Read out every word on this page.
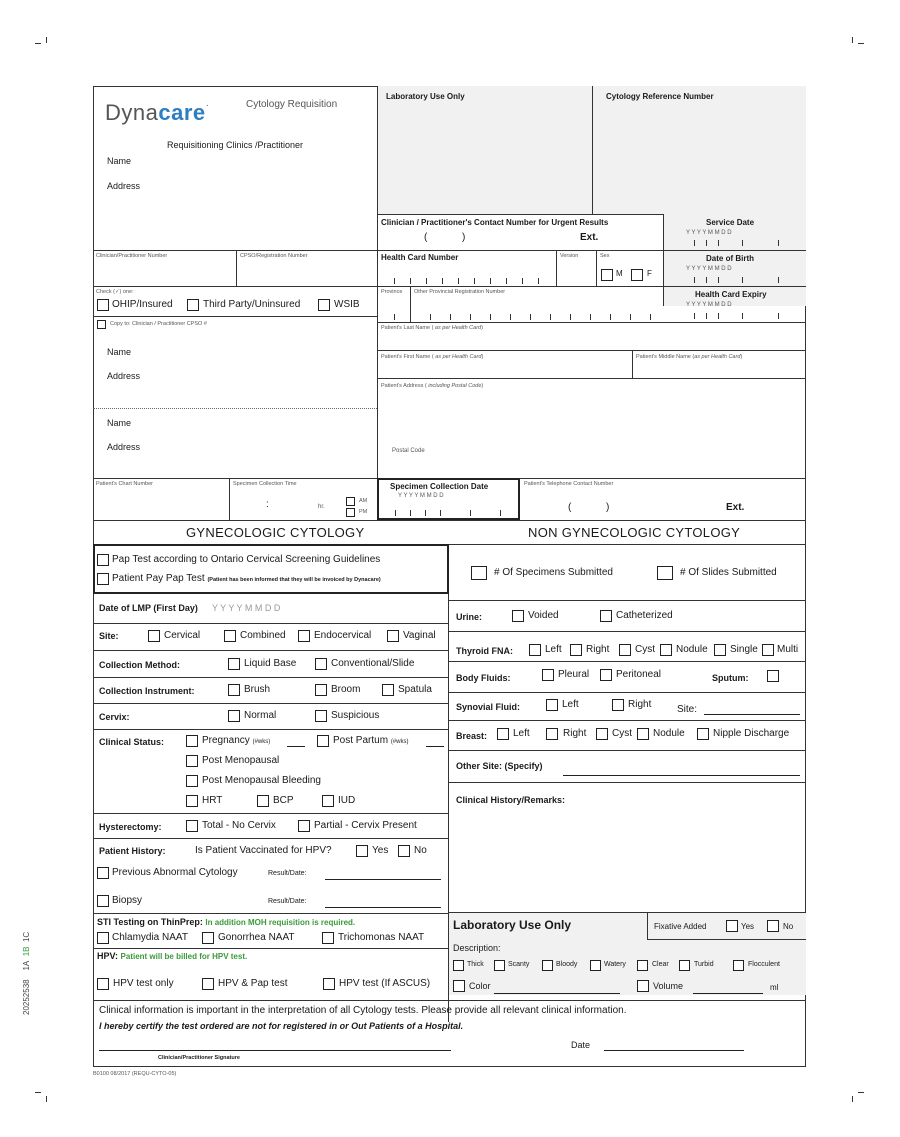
20252538    1A  1B  1C
Dynacare·	Cytology Requisition
Requisitioning Clinics /Practitioner
Name
Address
Laboratory Use Only	Cytology Reference Number
Clinician / Practitioner's Contact Number for Urgent Results
(	)	Ext.
Service Date
Y Y Y Y M M D D
Clinician/Practitioner Number	CPSO/Registration Number	Health Card Number	Version	Sex
M	F
Date of Birth
Y Y Y Y M M D D
Check (✓) one:
OHIP/Insured	Third Party/Uninsured	WSIB
Province Other Provincial Registration Number	Health Card Expiry
Y Y Y Y M M D D
Copy to: Clinician / Practitioner CPSO #
Name
Address
Name
Address
Patient's Last Name ( as per Health Card)
Patient's First Name ( as per Health Card)	Patient's Middle Name (as per Health Card)
Patient's Address ( including Postal Code)
Postal Code
Patient's Chart Number	Specimen Collection Time
:	hr.
AM
PM
Specimen Collection Date
Y Y Y Y M M D D
Patient's Telephone Contact Number
(	)	Ext.
GYNECOLOGIC CYTOLOGY	NON GYNECOLOGIC CYTOLOGY
Pap Test according to Ontario Cervical Screening Guidelines
Patient Pay Pap Test (Patient has been informed that they will be invoiced by Dynacare)
Date of LMP (First Day) Y Y Y Y M M D D
Site:	Cervical	Combined	Endocervical	Vaginal
Collection Method:	Liquid Base	Conventional/Slide
Collection Instrument:	Brush	Broom	Spatula
Cervix:	Normal	Suspicious
Clinical Status:	Pregnancy (#wks)	Post Partum (#wks)
Post Menopausal
Post Menopausal Bleeding
HRT	BCP	IUD
Hysterectomy:	Total - No Cervix	Partial - Cervix Present
Patient History:	Is Patient Vaccinated for HPV?	Yes	No
Previous Abnormal Cytology	Result/Date:
Biopsy	Result/Date:
STI Testing on ThinPrep: In addition MOH requisition is required.
Chlamydia NAAT	Gonorrhea NAAT	Trichomonas NAAT
HPV: Patient will be billed for HPV test.
HPV test only	HPV & Pap test	HPV test (If ASCUS)
# Of Specimens Submitted	# Of Slides Submitted
Urine:	Voided	Catheterized
Thyroid FNA:	Left Right	Cyst Nodule Single Multi
Body Fluids:	Pleural	Peritoneal	Sputum:
Synovial Fluid:	Left	Right	Site:
Breast:	Left	Right	Cyst Nodule	Nipple Discharge
Other Site: (Specify)
Clinical History/Remarks:
Laboratory Use Only	Fixative Added	Yes	No
Description:
Thick	Scanty	Bloody	Watery	Clear	Turbid	Flocculent
Color	Volume	ml
Clinical information is important in the interpretation of all Cytology tests. Please provide all relevant clinical information.
I hereby certify the test ordered are not for registered in or Out Patients of a Hospital.
Date
Clinician/Practitioner Signature
B0100 08/2017 (REQU-CYTO-05)
